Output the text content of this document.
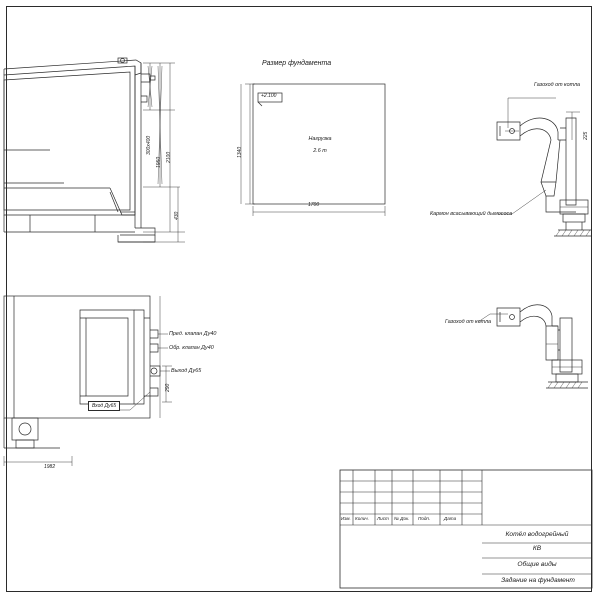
Размер фундамента
+2.100
Нагрузка
2.6 т
1700
1340
300x400
1950 2100
430
Газоход от котла
225
Кармон всасывающий дымососа
Газоход от котла
Пред. клапан Ду40
Обр. клапан Ду40
Выход Ду65
Вход Ду65
1982
290
Изм. Колич. Лист № Док. Подп.	Дата
Котёл водогрейный
КВ
Общие виды
Задание на фундамент
